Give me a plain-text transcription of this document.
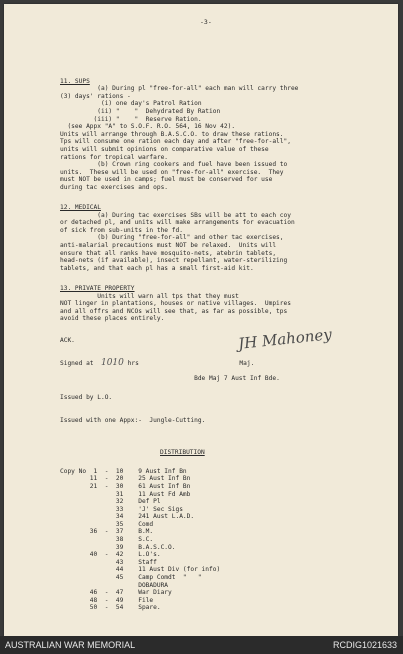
-3-

11. SUPS
(a) During pl "free-for-all" each man will carry three
(3) days' rations -
(i) one day's Patrol Ration
(ii) "    "  Dehydrated By Ration
(iii) "    "  Reserve Ration.
(see Appx "A" to S.O.F. R.O. 564, 16 Nov 42).
Units will arrange through B.A.S.C.O. to draw these rations.
Tps will consume one ration each day and after "free-for-all",
units will submit opinions on comparative value of these
rations for tropical warfare.
(b) Crown ring cookers and fuel have been issued to
units.  These will be used on "free-for-all" exercise.  They
must NOT be used in camps; fuel must be conserved for use
during tac exercises and ops.

12. MEDICAL
(a) During tac exercises SBs will be att to each coy
or detached pl, and units will make arrangements for evacuation
of sick from sub-units in the fd.
(b) During "free-for-all" and other tac exercises,
anti-malarial precautions must NOT be relaxed.  Units will
ensure that all ranks have mosquito-nets, atebrin tablets,
head-nets (if available), insect repellant, water-sterilizing
tablets, and that each pl has a small first-aid kit.

13. PRIVATE PROPERTY
Units will warn all tps that they must
NOT linger in plantations, houses or native villages.  Umpires
and all offrs and NCOs will see that, as far as possible, tps
avoid these places entirely.

ACK.

Signed at 1010 hrs	Maj.

Bde Maj 7 Aust Inf Bde.

Issued by L.O.

Issued with one Appx:-  Jungle-Cutting.

DISTRIBUTION

Copy No  1  -  10    9 Aust Inf Bn
11  -  20    25 Aust Inf Bn
21  -  30    61 Aust Inf Bn
31    11 Aust Fd Amb
32    Def Pl
33    'J' Sec Sigs
34    241 Aust L.A.D.
35    Comd
36  -  37    B.M.
38    S.C.
39    B.A.S.C.O.
40  -  42    L.O's.
43    Staff
44    11 Aust Div (for info)
45    Camp Comdt  "   "
DOBADURA
46  -  47    War Diary
48  -  49    File
50  -  54    Spare.

JH Mahoney
AUSTRALIAN WAR MEMORIAL	RCDIG1021633
